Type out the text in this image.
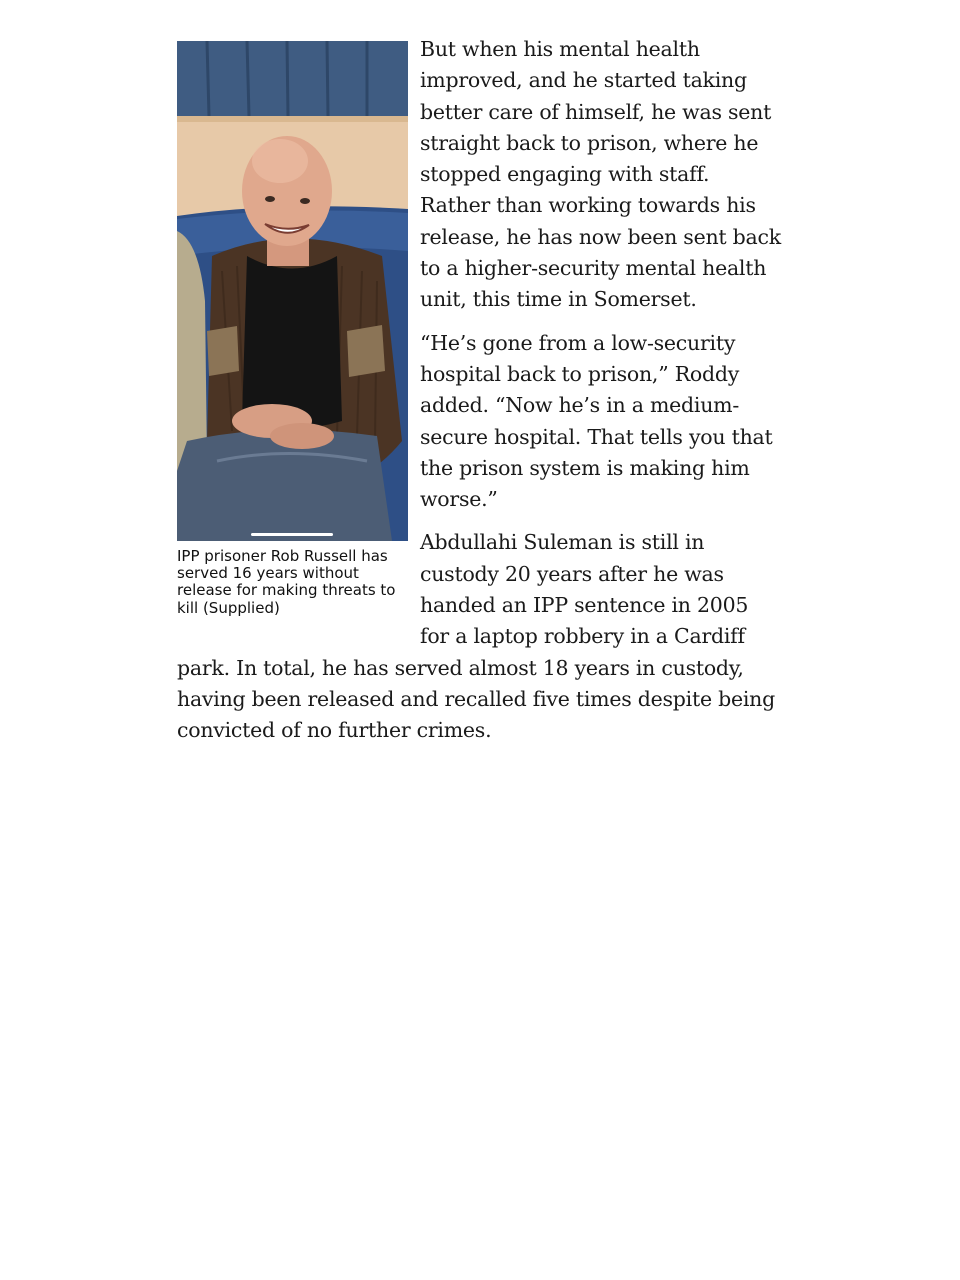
IPP prisoner Rob Russell has served 16 years without release for making threats to kill (Supplied)

But when his mental health improved, and he started taking better care of himself, he was sent straight back to prison, where he stopped engaging with staff. Rather than working towards his release, he has now been sent back to a higher-security mental health unit, this time in Somerset.

“He’s gone from a low-security hospital back to prison,” Roddy added. “Now he’s in a medium-secure hospital. That tells you that the prison system is making him worse.”

Abdullahi Suleman is still in custody 20 years after he was handed an IPP sentence in 2005 for a laptop robbery in a Cardiff park. In total, he has served almost 18 years in custody, having been released and recalled five times despite being convicted of no further crimes.
